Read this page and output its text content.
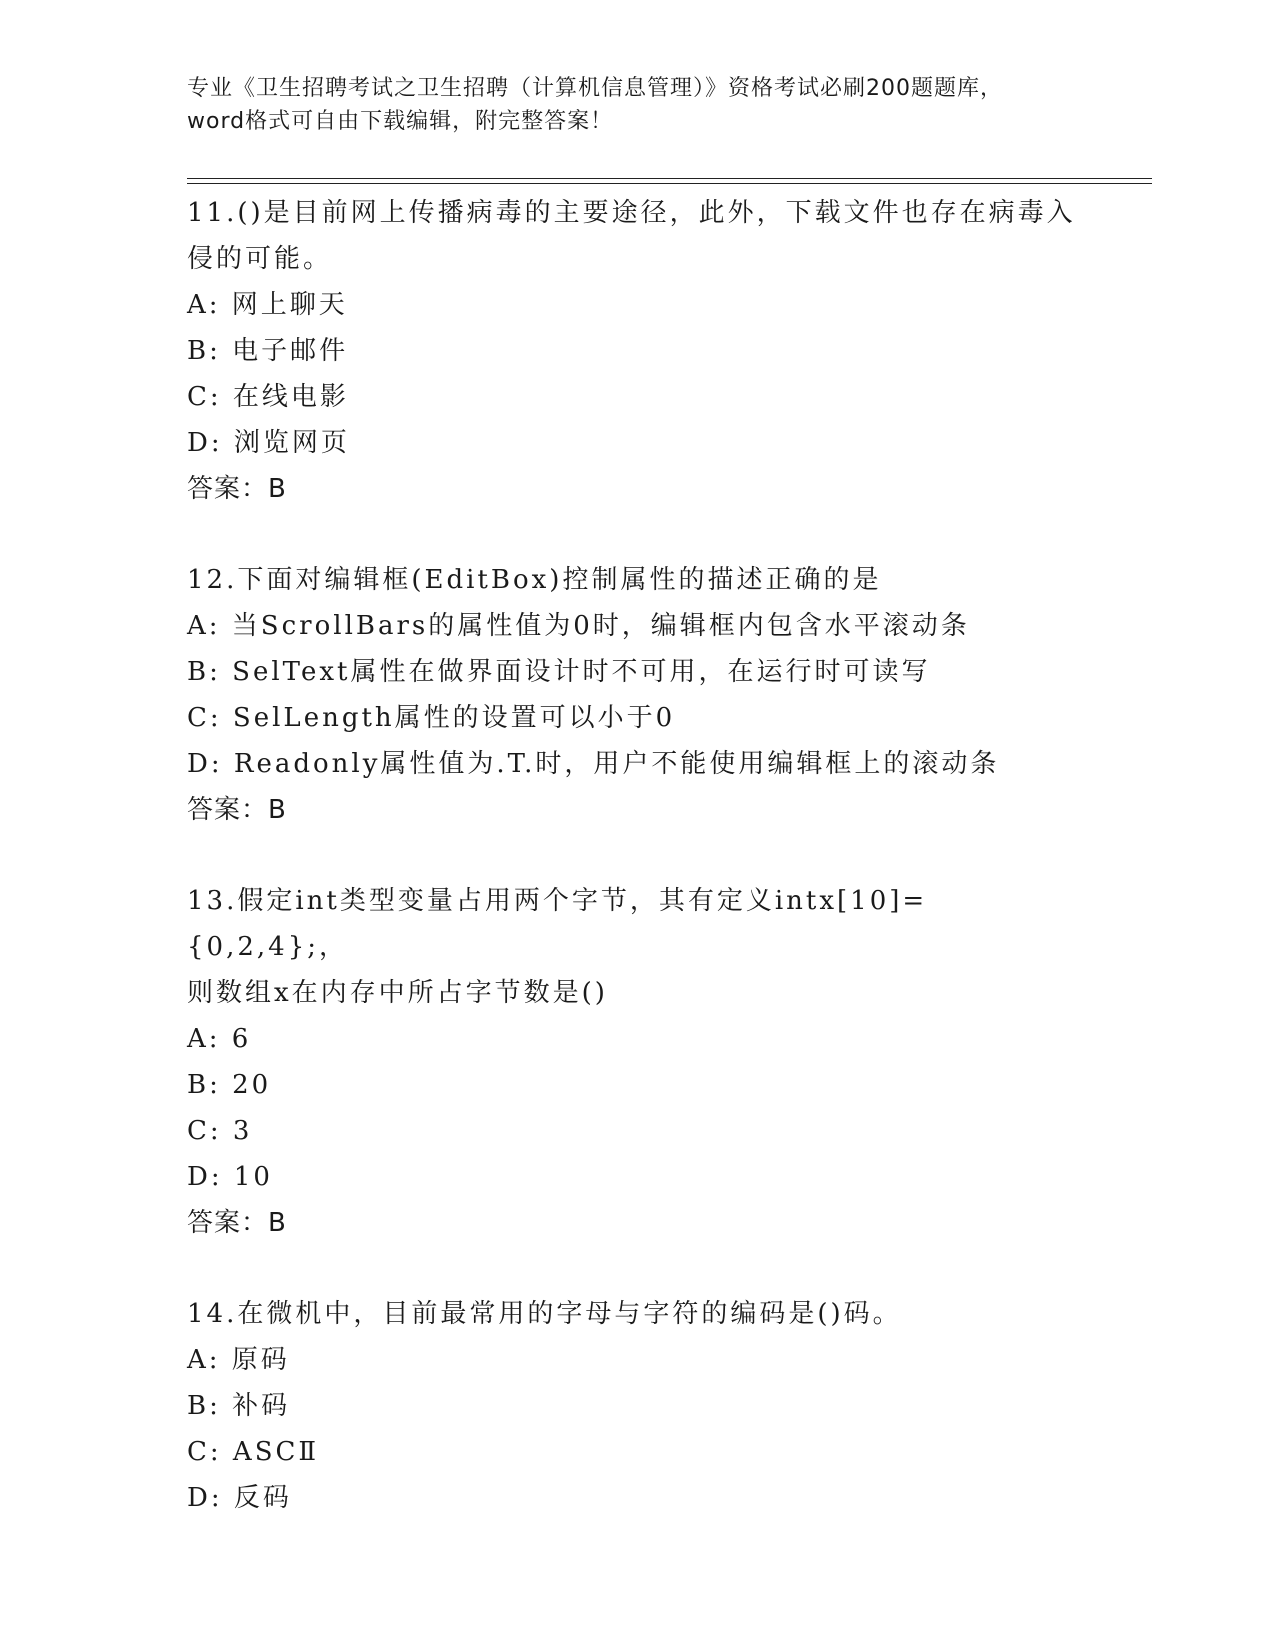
专业《卫生招聘考试之卫生招聘（计算机信息管理）》资格考试必刷200题题库，
word格式可自由下载编辑，附完整答案！
11.()是目前网上传播病毒的主要途径，此外，下载文件也存在病毒入
侵的可能。
A: 网上聊天
B: 电子邮件
C: 在线电影
D: 浏览网页
答案：B
12.下面对编辑框(EditBox)控制属性的描述正确的是
A: 当ScrollBars的属性值为0时，编辑框内包含水平滚动条
B: SelText属性在做界面设计时不可用，在运行时可读写
C: SelLength属性的设置可以小于0
D: Readonly属性值为.T.时，用户不能使用编辑框上的滚动条
答案：B
13.假定int类型变量占用两个字节，其有定义intx[10]={0,2,4};，
则数组x在内存中所占字节数是()
A: 6
B: 20
C: 3
D: 10
答案：B
14.在微机中，目前最常用的字母与字符的编码是()码。
A: 原码
B: 补码
C: ASCⅡ
D: 反码
